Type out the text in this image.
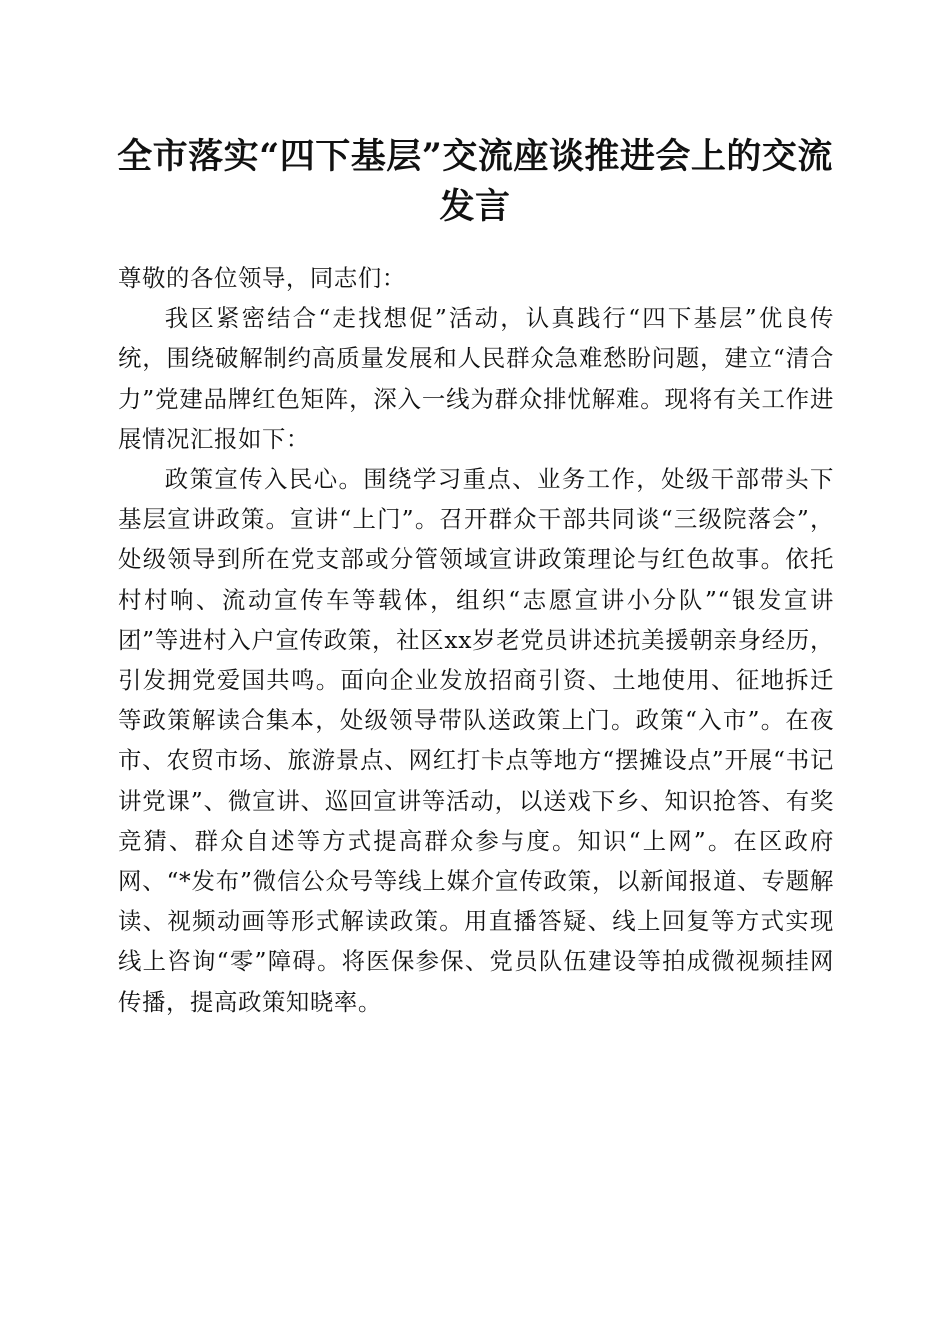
全市落实“四下基层”交流座谈推进会上的交流发言

尊敬的各位领导，同志们：

我区紧密结合“走找想促”活动，认真践行“四下基层”优良传统，围绕破解制约高质量发展和人民群众急难愁盼问题，建立“清合力”党建品牌红色矩阵，深入一线为群众排忧解难。现将有关工作进展情况汇报如下：

政策宣传入民心。围绕学习重点、业务工作，处级干部带头下基层宣讲政策。宣讲“上门”。召开群众干部共同谈“三级院落会”，处级领导到所在党支部或分管领域宣讲政策理论与红色故事。依托村村响、流动宣传车等载体，组织“志愿宣讲小分队”“银发宣讲团”等进村入户宣传政策，社区xx岁老党员讲述抗美援朝亲身经历，引发拥党爱国共鸣。面向企业发放招商引资、土地使用、征地拆迁等政策解读合集本，处级领导带队送政策上门。政策“入市”。在夜市、农贸市场、旅游景点、网红打卡点等地方“摆摊设点”开展“书记讲党课”、微宣讲、巡回宣讲等活动，以送戏下乡、知识抢答、有奖竞猜、群众自述等方式提高群众参与度。知识“上网”。在区政府网、“*发布”微信公众号等线上媒介宣传政策，以新闻报道、专题解读、视频动画等形式解读政策。用直播答疑、线上回复等方式实现线上咨询“零”障碍。将医保参保、党员队伍建设等拍成微视频挂网传播，提高政策知晓率。
